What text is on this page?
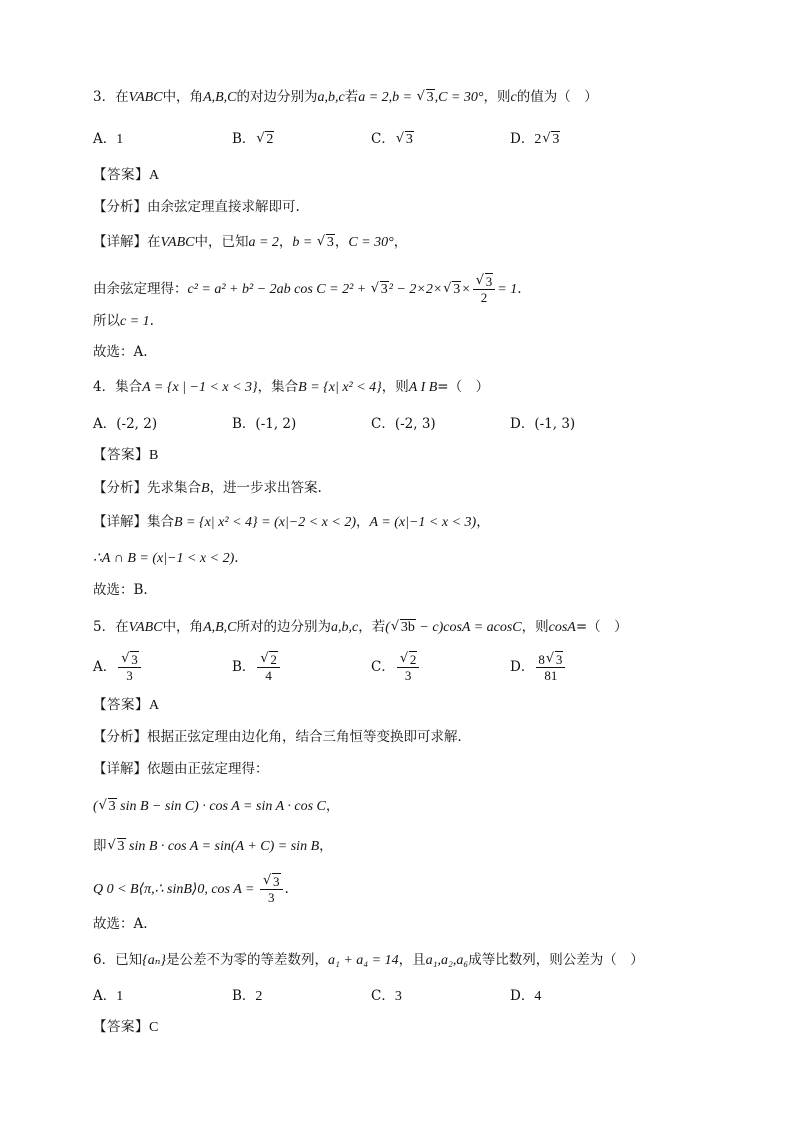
3．在VABC中，角A,B,C的对边分别为a,b,c若a = 2,b = √ 3,C = 30°，则c的值为（　）
A．1	B． √ 2	C． √ 3	D．2 √ 3
【答案】A
【分析】由余弦定理直接求解即可.
【详解】在VABC中，已知a = 2，b = √ 3，C = 30°，
由余弦定理得：c² = a² + b² − 2ab cos C = 2² + √ 3² − 2×2× √ 3× √ $\frac{3}{2} = 1$.
所以c = 1.
故选：A.
4．集合A = {x | −1 < x < 3}，集合B = {x| x² < 4}，则A I B=（　）
A．(-2, 2)	B．(-1, 2)	C．(-2, 3)	D．(-1, 3)
【答案】B
【分析】先求集合B，进一步求出答案.
【详解】集合B = {x| x² < 4} = (x|−2 < x < 2)，A = (x|−1 < x < 3)，
∴A ∩ B = (x|−1 < x < 2).
故选：B.
5．在VABC中，角A,B,C所对的边分别为a,b,c，若( √ 3b − c)cosA = acosC，则cosA=（　）
A． √ $\frac{3}{3}$	B． √ $\frac{2}{4}$	C． √ $\frac{2}{3}$	D． $\frac{8 √ 3}{81}$
【答案】A
【分析】根据正弦定理由边化角，结合三角恒等变换即可求解．
【详解】依题由正弦定理得：
( √ 3 sin B − sin C) · cos A = sin A · cos C，
即 √ 3 sin B · cos A = sin(A + C) = sin B，
Q 0 < B⟨π,∴ sinB⟩0, cos A = √ $\frac{3}{3}$ .
故选：A.
6．已知{aₙ}是公差不为零的等差数列，a₁ + a₄ = 14，且a₁,a₂,a₆成等比数列，则公差为（　）
A．1	B．2	C．3	D．4
【答案】C
